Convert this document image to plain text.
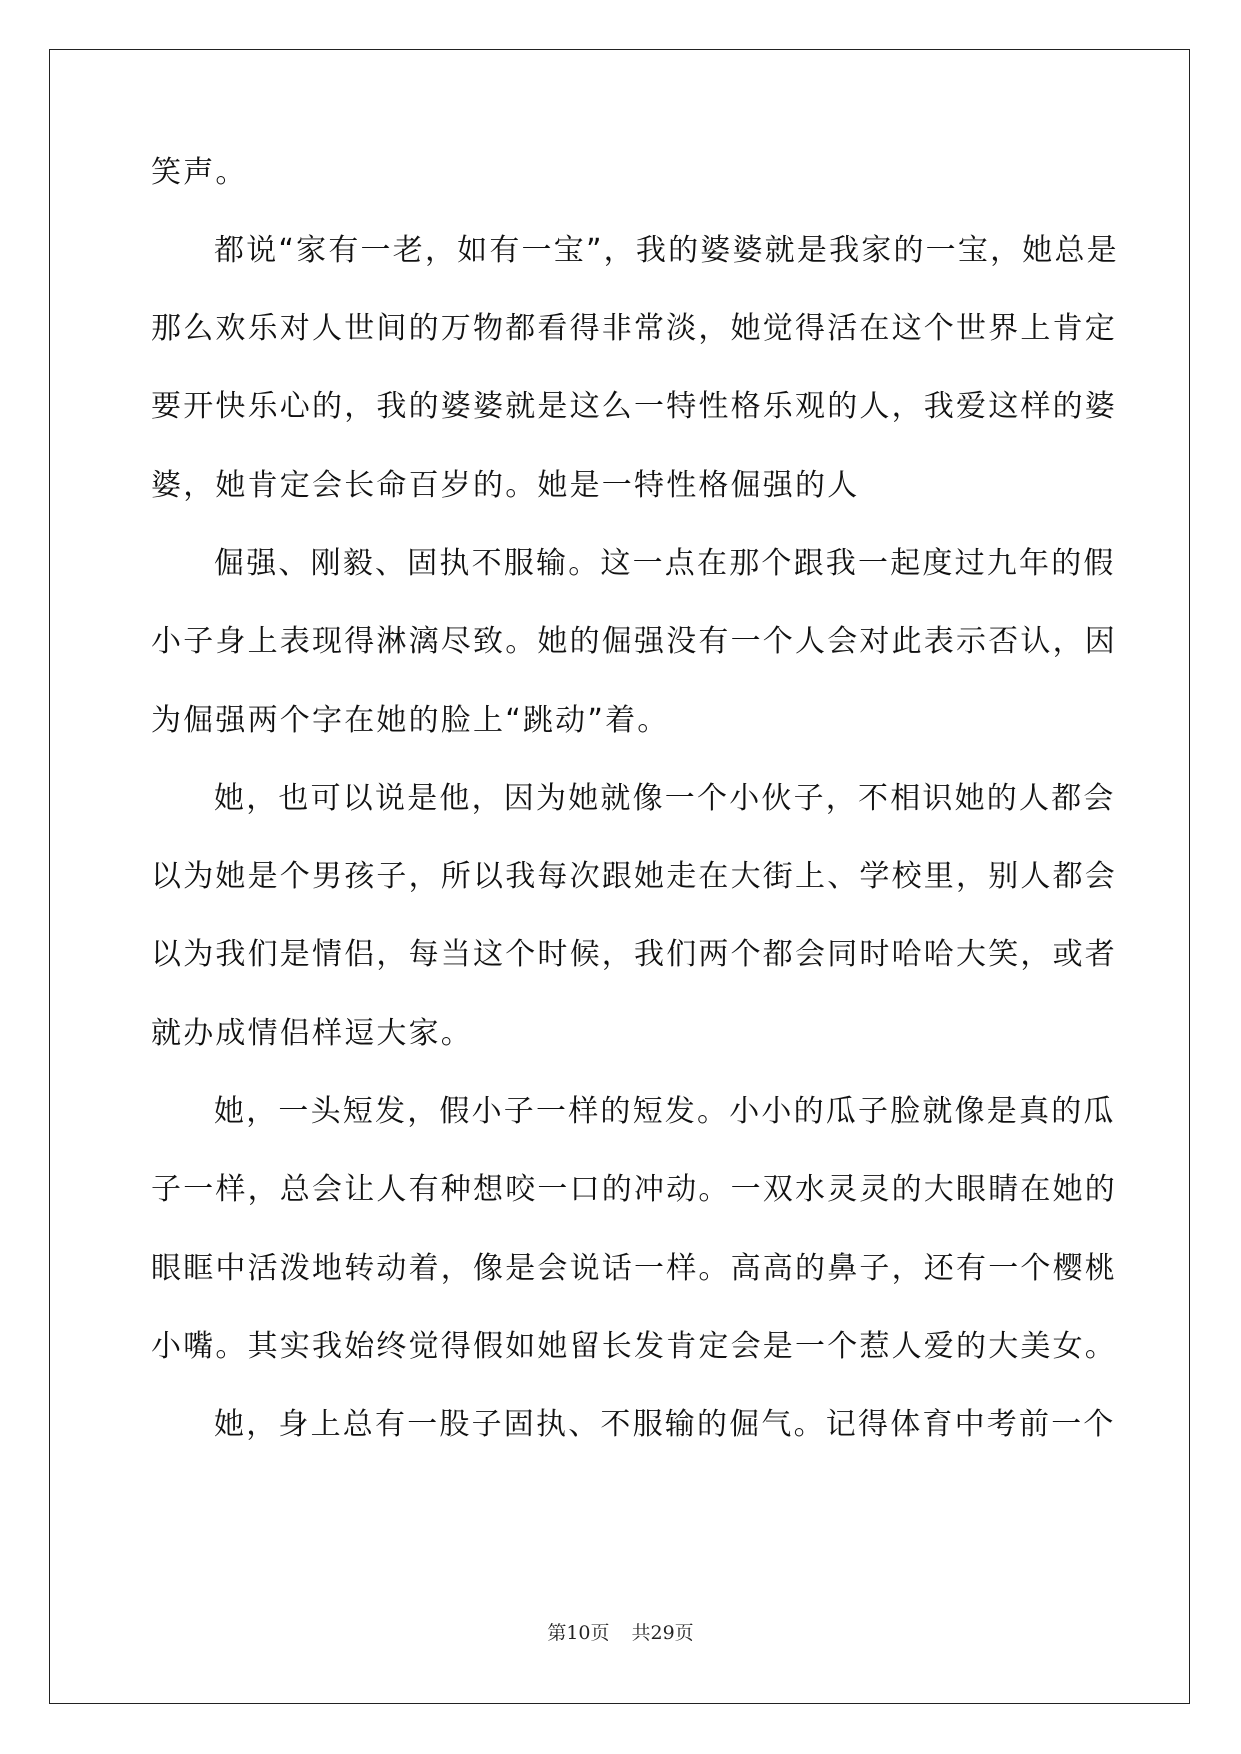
笑声。
都说“家有一老，如有一宝”，我的婆婆就是我家的一宝，她总是
那么欢乐对人世间的万物都看得非常淡，她觉得活在这个世界上肯定
要开快乐心的，我的婆婆就是这么一特性格乐观的人，我爱这样的婆
婆，她肯定会长命百岁的。她是一特性格倔强的人
倔强、刚毅、固执不服输。这一点在那个跟我一起度过九年的假
小子身上表现得淋漓尽致。她的倔强没有一个人会对此表示否认，因
为倔强两个字在她的脸上“跳动”着。
她，也可以说是他，因为她就像一个小伙子，不相识她的人都会
以为她是个男孩子，所以我每次跟她走在大街上、学校里，别人都会
以为我们是情侣，每当这个时候，我们两个都会同时哈哈大笑，或者
就办成情侣样逗大家。
她，一头短发，假小子一样的短发。小小的瓜子脸就像是真的瓜
子一样，总会让人有种想咬一口的冲动。一双水灵灵的大眼睛在她的
眼眶中活泼地转动着，像是会说话一样。高高的鼻子，还有一个樱桃
小嘴。其实我始终觉得假如她留长发肯定会是一个惹人爱的大美女。
她，身上总有一股子固执、不服输的倔气。记得体育中考前一个
第10页 共29页
